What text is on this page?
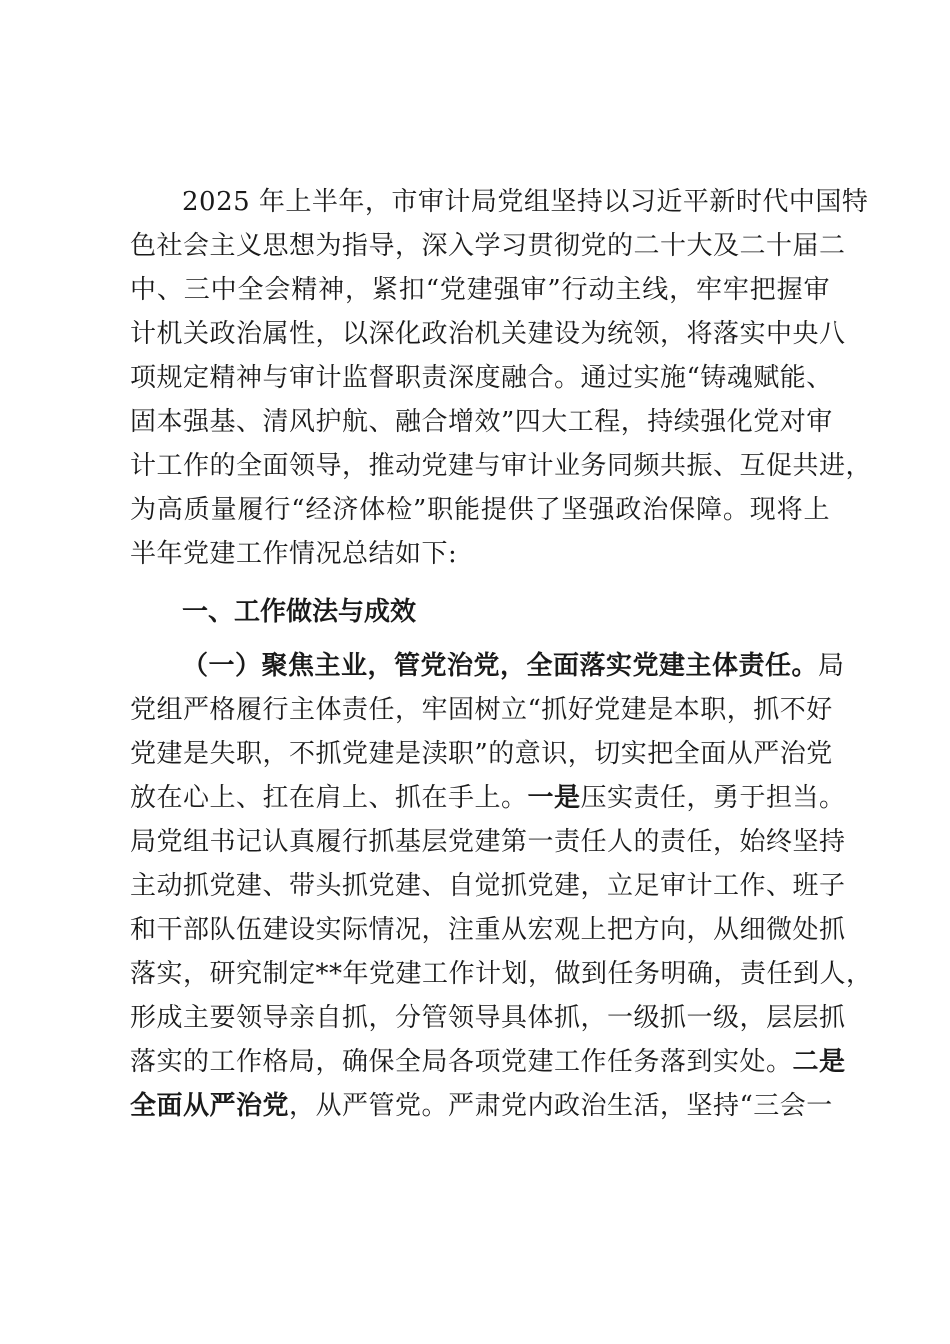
2025 年上半年，市审计局党组坚持以习近平新时代中国特
色社会主义思想为指导，深入学习贯彻党的二十大及二十届二
中、三中全会精神，紧扣“党建强审”行动主线，牢牢把握审
计机关政治属性，以深化政治机关建设为统领，将落实中央八
项规定精神与审计监督职责深度融合。通过实施“铸魂赋能、
固本强基、清风护航、融合增效”四大工程，持续强化党对审
计工作的全面领导，推动党建与审计业务同频共振、互促共进，
为高质量履行“经济体检”职能提供了坚强政治保障。现将上
半年党建工作情况总结如下:
一、工作做法与成效
（一）聚焦主业，管党治党，全面落实党建主体责任。局
党组严格履行主体责任，牢固树立“抓好党建是本职，抓不好
党建是失职，不抓党建是渎职”的意识，切实把全面从严治党
放在心上、扛在肩上、抓在手上。一是压实责任，勇于担当。
局党组书记认真履行抓基层党建第一责任人的责任，始终坚持
主动抓党建、带头抓党建、自觉抓党建，立足审计工作、班子
和干部队伍建设实际情况，注重从宏观上把方向，从细微处抓
落实，研究制定**年党建工作计划，做到任务明确，责任到人，
形成主要领导亲自抓，分管领导具体抓，一级抓一级，层层抓
落实的工作格局，确保全局各项党建工作任务落到实处。二是
全面从严治党，从严管党。严肃党内政治生活，坚持“三会一
